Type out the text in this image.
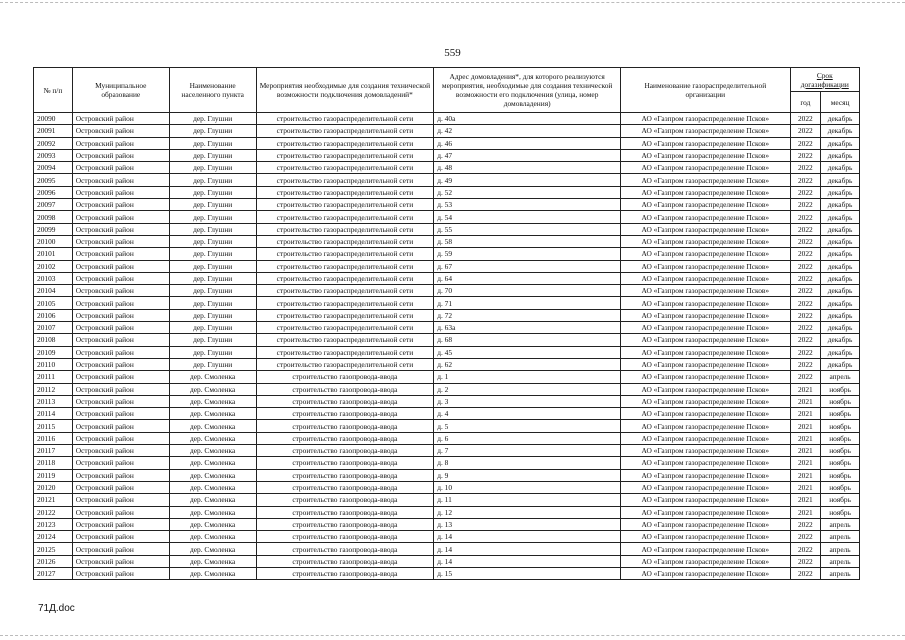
559
№ п/п	Муниципальное образование	Наименование населенного пункта	Мероприятия необходимые для создания технической возможности подключения домовладений*	Адрес домовладения*, для которого реализуются мероприятия, необходимые для создания технической возможности его подключения (улица, номер домовладения)	Наименование газораспределительной организации	Срок догазификации	
						год	месяц
20090	Островский район	дер. Глушни	строительство газораспределительной сети	д. 40а	АО «Газпром газораспределение Псков»	2022	декабрь
20091	Островский район	дер. Глушни	строительство газораспределительной сети	д. 42	АО «Газпром газораспределение Псков»	2022	декабрь
20092	Островский район	дер. Глушни	строительство газораспределительной сети	д. 46	АО «Газпром газораспределение Псков»	2022	декабрь
20093	Островский район	дер. Глушни	строительство газораспределительной сети	д. 47	АО «Газпром газораспределение Псков»	2022	декабрь
20094	Островский район	дер. Глушни	строительство газораспределительной сети	д. 48	АО «Газпром газораспределение Псков»	2022	декабрь
20095	Островский район	дер. Глушни	строительство газораспределительной сети	д. 49	АО «Газпром газораспределение Псков»	2022	декабрь
20096	Островский район	дер. Глушни	строительство газораспределительной сети	д. 52	АО «Газпром газораспределение Псков»	2022	декабрь
20097	Островский район	дер. Глушни	строительство газораспределительной сети	д. 53	АО «Газпром газораспределение Псков»	2022	декабрь
20098	Островский район	дер. Глушни	строительство газораспределительной сети	д. 54	АО «Газпром газораспределение Псков»	2022	декабрь
20099	Островский район	дер. Глушни	строительство газораспределительной сети	д. 55	АО «Газпром газораспределение Псков»	2022	декабрь
20100	Островский район	дер. Глушни	строительство газораспределительной сети	д. 58	АО «Газпром газораспределение Псков»	2022	декабрь
20101	Островский район	дер. Глушни	строительство газораспределительной сети	д. 59	АО «Газпром газораспределение Псков»	2022	декабрь
20102	Островский район	дер. Глушни	строительство газораспределительной сети	д. 67	АО «Газпром газораспределение Псков»	2022	декабрь
20103	Островский район	дер. Глушни	строительство газораспределительной сети	д. 64	АО «Газпром газораспределение Псков»	2022	декабрь
20104	Островский район	дер. Глушни	строительство газораспределительной сети	д. 70	АО «Газпром газораспределение Псков»	2022	декабрь
20105	Островский район	дер. Глушни	строительство газораспределительной сети	д. 71	АО «Газпром газораспределение Псков»	2022	декабрь
20106	Островский район	дер. Глушни	строительство газораспределительной сети	д. 72	АО «Газпром газораспределение Псков»	2022	декабрь
20107	Островский район	дер. Глушни	строительство газораспределительной сети	д. 63а	АО «Газпром газораспределение Псков»	2022	декабрь
20108	Островский район	дер. Глушни	строительство газораспределительной сети	д. 68	АО «Газпром газораспределение Псков»	2022	декабрь
20109	Островский район	дер. Глушни	строительство газораспределительной сети	д. 45	АО «Газпром газораспределение Псков»	2022	декабрь
20110	Островский район	дер. Глушни	строительство газораспределительной сети	д. 62	АО «Газпром газораспределение Псков»	2022	декабрь
20111	Островский район	дер. Смоленка	строительство газопровода-ввода	д. 1	АО «Газпром газораспределение Псков»	2022	апрель
20112	Островский район	дер. Смоленка	строительство газопровода-ввода	д. 2	АО «Газпром газораспределение Псков»	2021	ноябрь
20113	Островский район	дер. Смоленка	строительство газопровода-ввода	д. 3	АО «Газпром газораспределение Псков»	2021	ноябрь
20114	Островский район	дер. Смоленка	строительство газопровода-ввода	д. 4	АО «Газпром газораспределение Псков»	2021	ноябрь
20115	Островский район	дер. Смоленка	строительство газопровода-ввода	д. 5	АО «Газпром газораспределение Псков»	2021	ноябрь
20116	Островский район	дер. Смоленка	строительство газопровода-ввода	д. 6	АО «Газпром газораспределение Псков»	2021	ноябрь
20117	Островский район	дер. Смоленка	строительство газопровода-ввода	д. 7	АО «Газпром газораспределение Псков»	2021	ноябрь
20118	Островский район	дер. Смоленка	строительство газопровода-ввода	д. 8	АО «Газпром газораспределение Псков»	2021	ноябрь
20119	Островский район	дер. Смоленка	строительство газопровода-ввода	д. 9	АО «Газпром газораспределение Псков»	2021	ноябрь
20120	Островский район	дер. Смоленка	строительство газопровода-ввода	д. 10	АО «Газпром газораспределение Псков»	2021	ноябрь
20121	Островский район	дер. Смоленка	строительство газопровода-ввода	д. 11	АО «Газпром газораспределение Псков»	2021	ноябрь
20122	Островский район	дер. Смоленка	строительство газопровода-ввода	д. 12	АО «Газпром газораспределение Псков»	2021	ноябрь
20123	Островский район	дер. Смоленка	строительство газопровода-ввода	д. 13	АО «Газпром газораспределение Псков»	2022	апрель
20124	Островский район	дер. Смоленка	строительство газопровода-ввода	д. 14	АО «Газпром газораспределение Псков»	2022	апрель
20125	Островский район	дер. Смоленка	строительство газопровода-ввода	д. 14	АО «Газпром газораспределение Псков»	2022	апрель
20126	Островский район	дер. Смоленка	строительство газопровода-ввода	д. 14	АО «Газпром газораспределение Псков»	2022	апрель
20127	Островский район	дер. Смоленка	строительство газопровода-ввода	д. 15	АО «Газпром газораспределение Псков»	2022	апрель
71Д.doc
